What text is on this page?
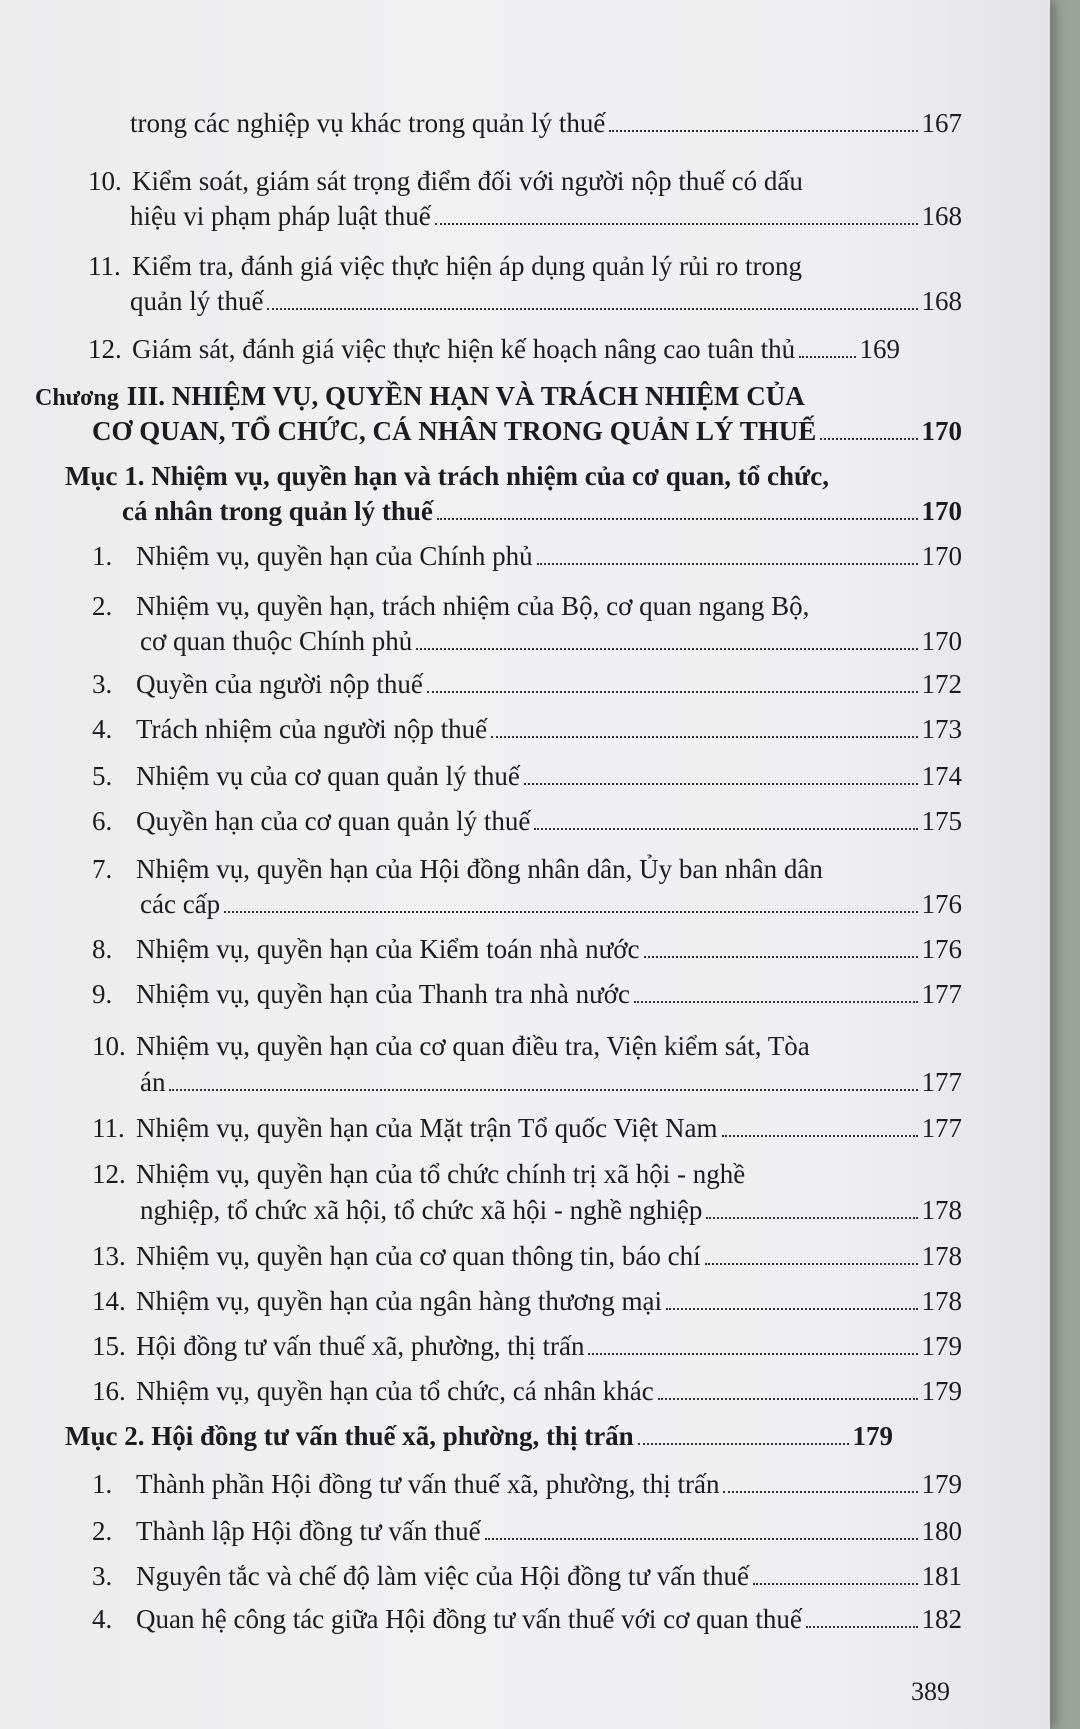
trong các nghiệp vụ khác trong quản lý thuế	167
10. Kiểm soát, giám sát trọng điểm đối với người nộp thuế có dấu
hiệu vi phạm pháp luật thuế	168
11. Kiểm tra, đánh giá việc thực hiện áp dụng quản lý rủi ro trong
quản lý thuế	168
12. Giám sát, đánh giá việc thực hiện kế hoạch nâng cao tuân thủ 169
Chương III. NHIỆM VỤ, QUYỀN HẠN VÀ TRÁCH NHIỆM CỦA
CƠ QUAN, TỔ CHỨC, CÁ NHÂN TRONG QUẢN LÝ THUẾ	170
Mục 1. Nhiệm vụ, quyền hạn và trách nhiệm của cơ quan, tổ chức,
cá nhân trong quản lý thuế	170
1. Nhiệm vụ, quyền hạn của Chính phủ	170
2. Nhiệm vụ, quyền hạn, trách nhiệm của Bộ, cơ quan ngang Bộ,
cơ quan thuộc Chính phủ	170
3. Quyền của người nộp thuế	172
4. Trách nhiệm của người nộp thuế	173
5. Nhiệm vụ của cơ quan quản lý thuế	174
6. Quyền hạn của cơ quan quản lý thuế	175
7. Nhiệm vụ, quyền hạn của Hội đồng nhân dân, Ủy ban nhân dân
các cấp	176
8. Nhiệm vụ, quyền hạn của Kiểm toán nhà nước	176
9. Nhiệm vụ, quyền hạn của Thanh tra nhà nước	177
10. Nhiệm vụ, quyền hạn của cơ quan điều tra, Viện kiểm sát, Tòa
án	177
11. Nhiệm vụ, quyền hạn của Mặt trận Tổ quốc Việt Nam	177
12. Nhiệm vụ, quyền hạn của tổ chức chính trị xã hội - nghề
nghiệp, tổ chức xã hội, tổ chức xã hội - nghề nghiệp	178
13. Nhiệm vụ, quyền hạn của cơ quan thông tin, báo chí	178
14. Nhiệm vụ, quyền hạn của ngân hàng thương mại	178
15. Hội đồng tư vấn thuế xã, phường, thị trấn	179
16. Nhiệm vụ, quyền hạn của tổ chức, cá nhân khác	179
Mục 2. Hội đồng tư vấn thuế xã, phường, thị trấn	179
1. Thành phần Hội đồng tư vấn thuế xã, phường, thị trấn	179
2. Thành lập Hội đồng tư vấn thuế	180
3. Nguyên tắc và chế độ làm việc của Hội đồng tư vấn thuế	181
4. Quan hệ công tác giữa Hội đồng tư vấn thuế với cơ quan thuế	182
389
